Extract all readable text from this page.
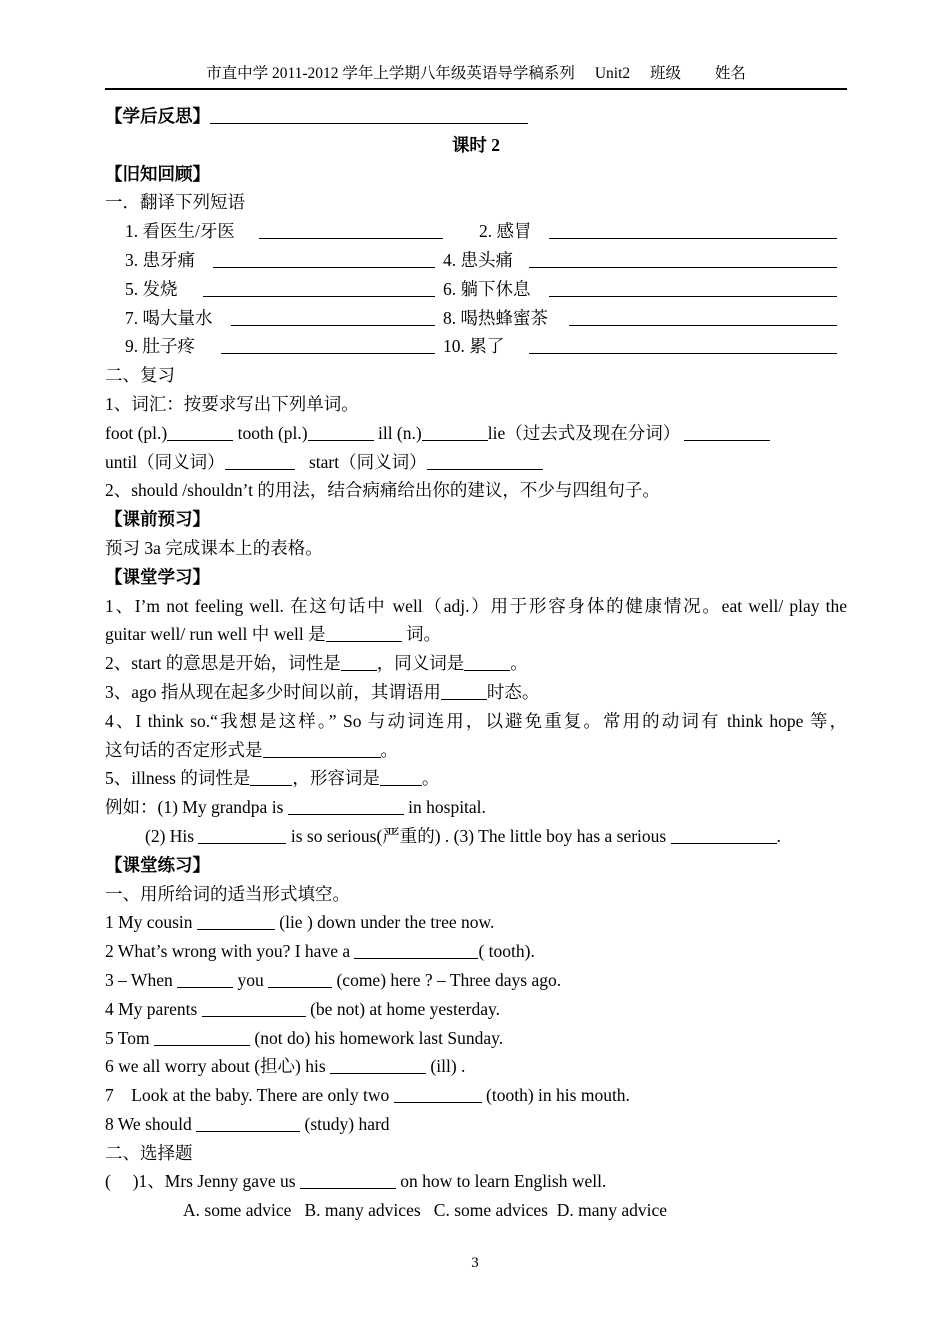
市直中学 2011-2012 学年上学期八年级英语导学稿系列 Unit2 班级 姓名
【学后反思】
课时 2
【旧知回顾】
一．翻译下列短语
1. 看医生/牙医	2. 感冒
3. 患牙痛	4. 患头痛
5. 发烧	6. 躺下休息
7. 喝大量水	8. 喝热蜂蜜茶
9. 肚子疼	10. 累了
二、复习
1、词汇：按要求写出下列单词。
foot (pl.)	tooth (pl.)	ill (n.)	lie（过去式及现在分词）
until（同义词）	start（同义词）
2、should /shouldn’t 的用法，结合病痛给出你的建议，不少与四组句子。
【课前预习】
预习 3a 完成课本上的表格。
【课堂学习】
1、I’m not feeling well. 在这句话中 well（adj.）用于形容身体的健康情况。eat well/ play the
guitar well/ run well 中 well 是	词。
2、start 的意思是开始，词性是 ，同义词是	。
3、ago 指从现在起多少时间以前，其谓语用	时态。
4、I think so.“我想是这样。” So 与动词连用，以避免重复。常用的动词有 think hope 等，
这句话的否定形式是	。
5、illness 的词性是 ，形容词是 。
例如：(1) My grandpa is	in hospital.
(2) His	is so serious(严重的) . (3) The little boy has a serious	.
【课堂练习】
一、用所给词的适当形式填空。
1 My cousin	(lie ) down under the tree now.
2 What’s wrong with you? I have a	( tooth).
3 – When	you	(come) here ? – Three days ago.
4 My parents	(be not) at home yesterday.
5 Tom	(not do) his homework last Sunday.
6 we all worry about (担心) his	(ill) .
7    Look at the baby. There are only two	(tooth) in his mouth.
8 We should	(study) hard
二、选择题
(     )1、Mrs Jenny gave us	on how to learn English well.
A. some advice   B. many advices   C. some advices  D. many advice
3
